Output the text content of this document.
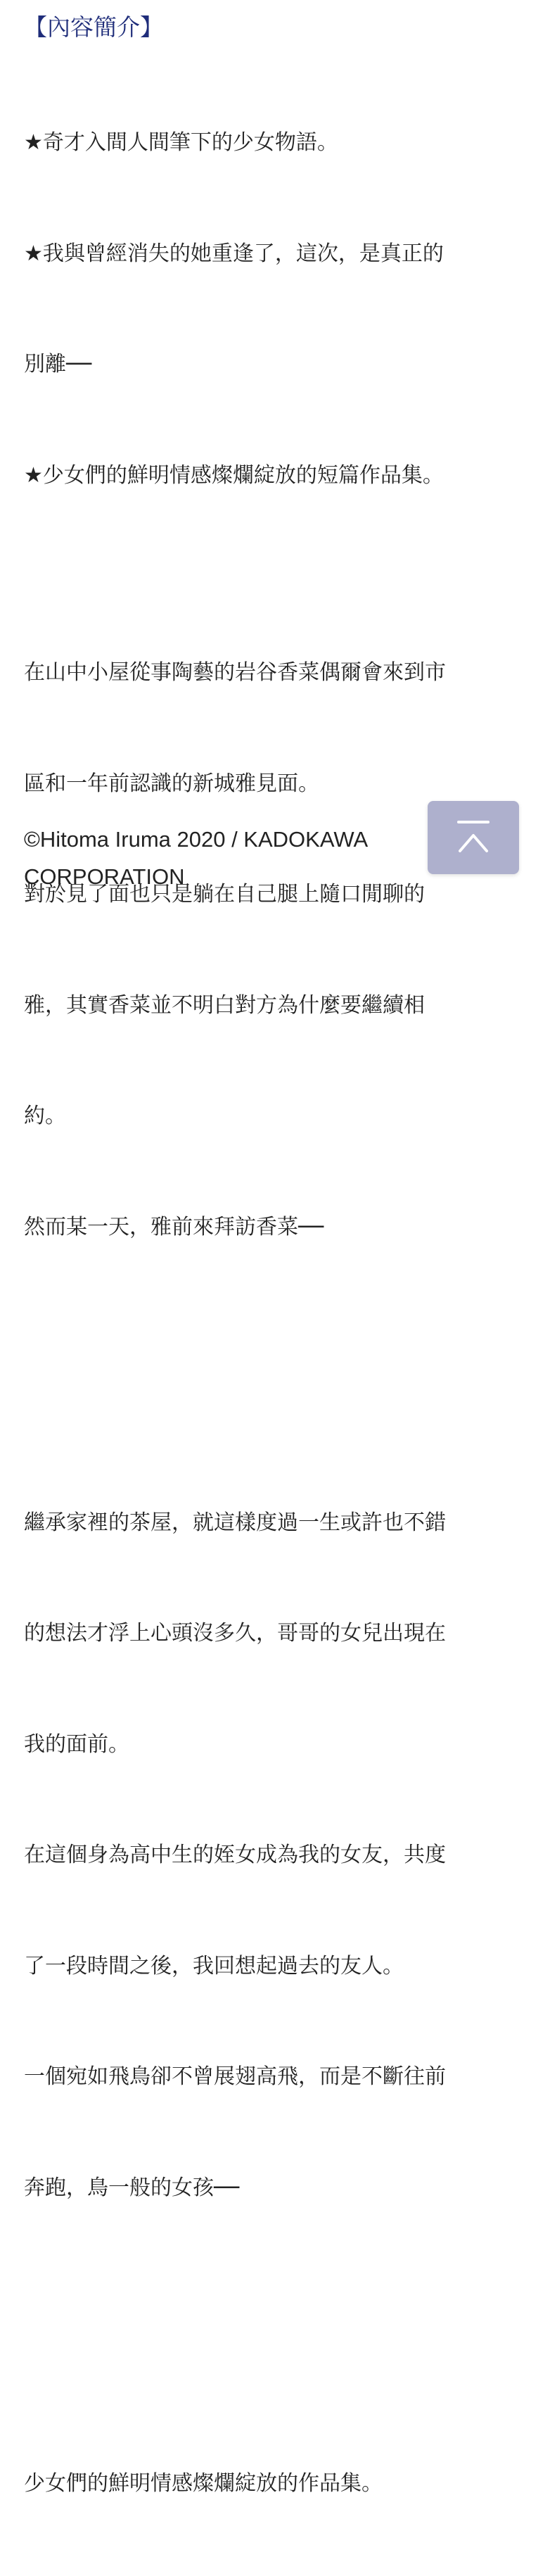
【內容簡介】

★奇才入間人間筆下的少女物語。

★我與曾經消失的她重逢了，這次，是真正的

別離──

★少女們的鮮明情感燦爛綻放的短篇作品集。

在山中小屋從事陶藝的岩谷香菜偶爾會來到市

區和一年前認識的新城雅見面。

對於見了面也只是躺在自己腿上隨口閒聊的

雅，其實香菜並不明白對方為什麼要繼續相

約。

然而某一天，雅前來拜訪香菜──

繼承家裡的茶屋，就這樣度過一生或許也不錯

的想法才浮上心頭沒多久，哥哥的女兒出現在

我的面前。

在這個身為高中生的姪女成為我的女友，共度

了一段時間之後，我回想起過去的友人。

一個宛如飛鳥卻不曾展翅高飛，而是不斷往前

奔跑，鳥一般的女孩──

少女們的鮮明情感燦爛綻放的作品集。

©Hitoma Iruma 2020 / KADOKAWA
CORPORATION
